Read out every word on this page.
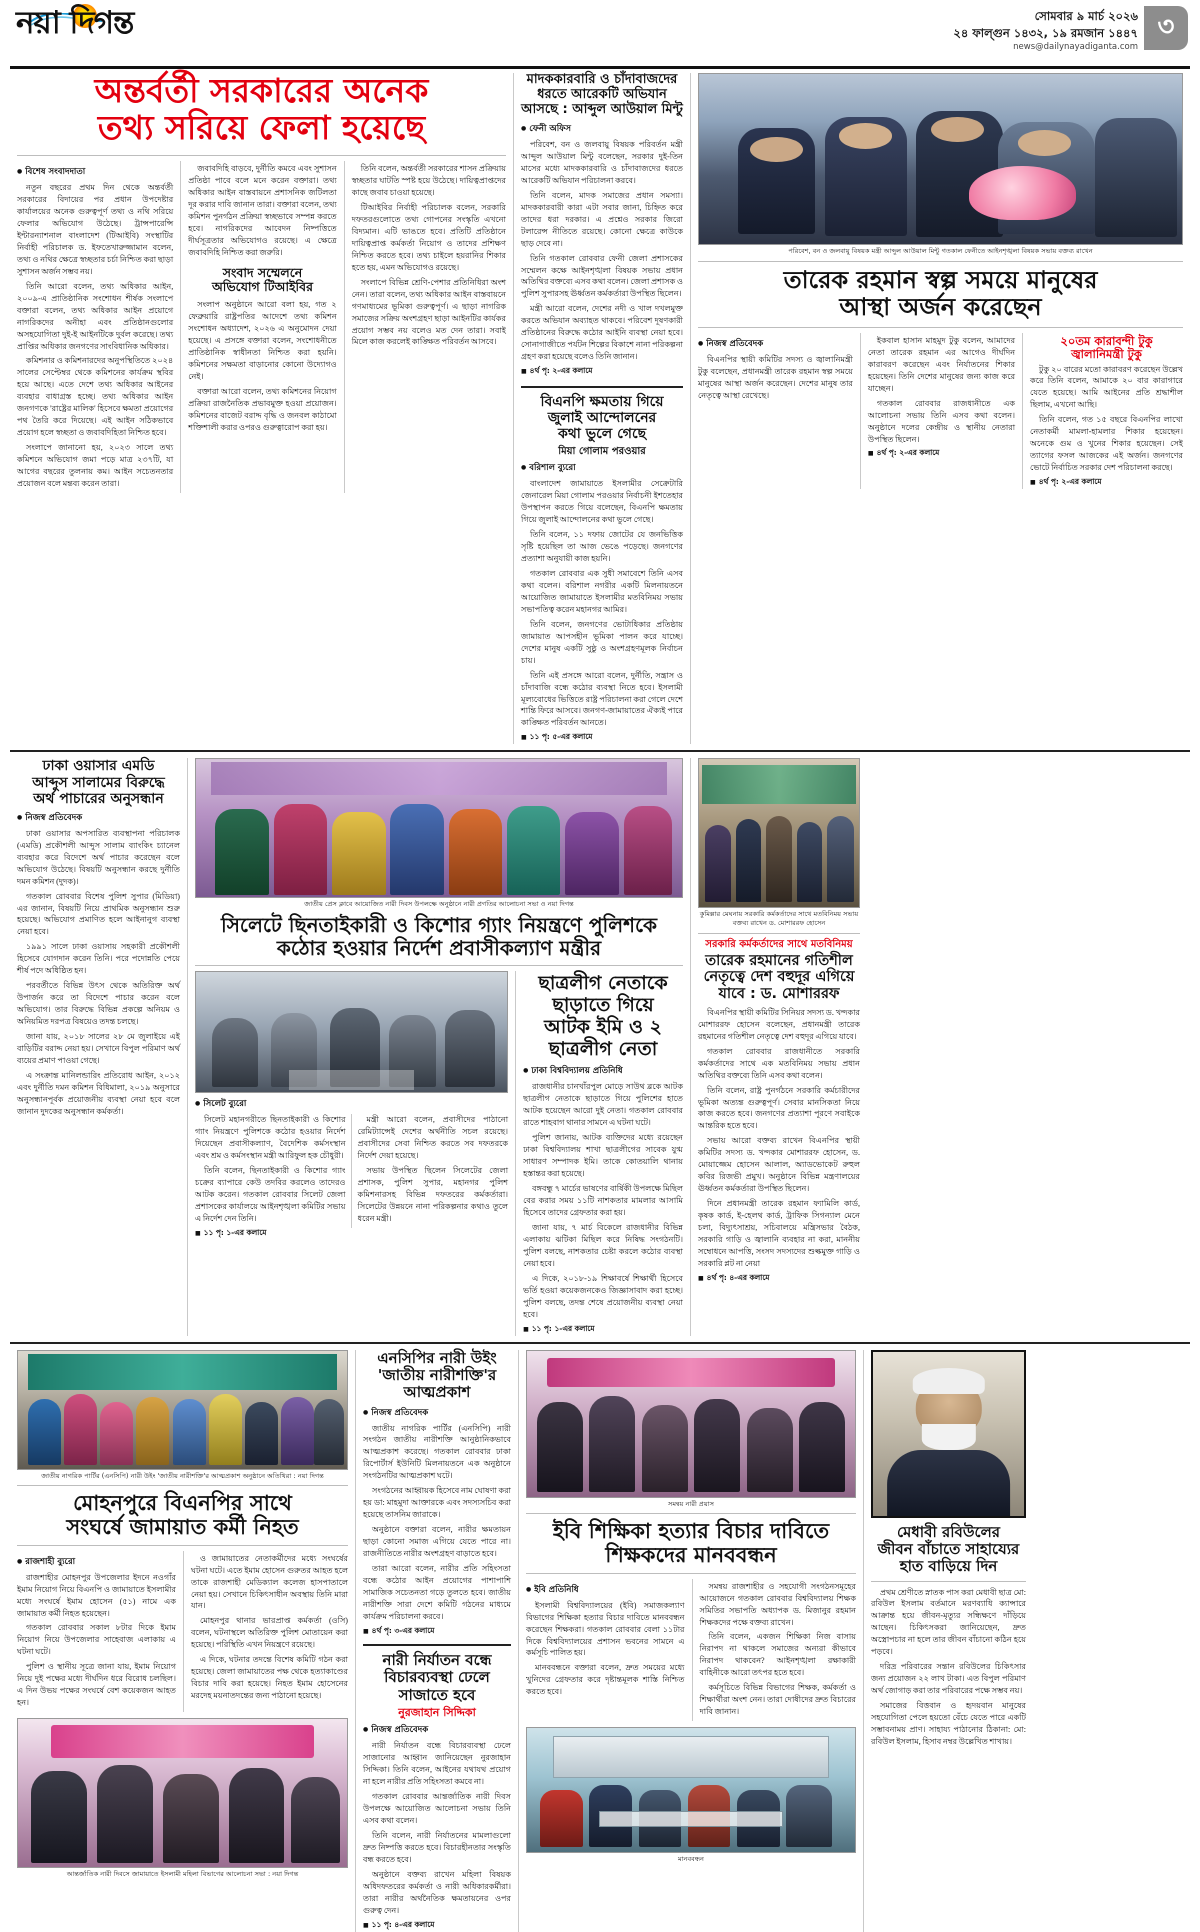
নয়া দিগন্ত	সোমবার ৯ মার্চ ২০২৬
২৪ ফাল্গুন ১৪৩২, ১৯ রমজান ১৪৪৭
news@dailynayadiganta.com
৩
অন্তর্বর্তী সরকারের অনেক
তথ্য সরিয়ে ফেলা হয়েছে
● বিশেষ সংবাদদাতা

নতুন বছরের প্রথম দিন থেকে অন্তর্বর্তী সরকারের বিদায়ের পর প্রধান উপদেষ্টার কার্যালয়ের অনেক গুরুত্বপূর্ণ তথ্য ও নথি সরিয়ে ফেলার অভিযোগ উঠেছে। ট্রান্সপারেন্সি ইন্টারন্যাশনাল বাংলাদেশ (টিআইবি) সংস্থাটির নির্বাহী পরিচালক ড. ইফতেখারুজ্জামান বলেন, তথ্য ও নথির ক্ষেত্রে স্বচ্ছতার চর্চা নিশ্চিত করা ছাড়া সুশাসন অর্জন সম্ভব নয়।

তিনি আরো বলেন, তথ্য অধিকার আইন, ২০০৯-এ প্রাতিষ্ঠানিক সংশোধন শীর্ষক সংলাপে বক্তারা বলেন, তথ্য অধিকার আইন প্রয়োগে নাগরিকদের অনীহা এবং প্রতিষ্ঠানগুলোর অসহযোগিতা দুই-ই আইনটিকে দুর্বল করেছে। তথ্য প্রাপ্তির অধিকার জনগণের সাংবিধানিক অধিকার।

কমিশনার ও কমিশনারদের অনুপস্থিতিতে ২০২৪ সালের সেপ্টেম্বর থেকে কমিশনের কার্যক্রম স্থবির হয়ে আছে। এতে দেশে তথ্য অধিকার আইনের ব্যবহার বাধাগ্রস্ত হচ্ছে। তথ্য অধিকার আইন জনগণকে 'রাষ্ট্রের মালিক' হিসেবে ক্ষমতা প্রয়োগের পথ তৈরি করে দিয়েছে। এই আইন সঠিকভাবে প্রয়োগ হলে স্বচ্ছতা ও জবাবদিহিতা নিশ্চিত হবে।

সংলাপে জানানো হয়, ২০২৩ সালে তথ্য কমিশনে অভিযোগ জমা পড়ে মাত্র ২৩৭টি, যা আগের বছরের তুলনায় কম। আইন সচেতনতার প্রয়োজন বলে মন্তব্য করেন তারা।

জবাবদিহি বাড়বে, দুর্নীতি কমবে এবং সুশাসন প্রতিষ্ঠা পাবে বলে মনে করেন বক্তারা। তথ্য অধিকার আইন বাস্তবায়নে প্রশাসনিক জটিলতা দূর করার দাবি জানান তারা। বক্তারা বলেন, তথ্য কমিশন পুনর্গঠন প্রক্রিয়া স্বচ্ছভাবে সম্পন্ন করতে হবে। নাগরিকদের আবেদন নিষ্পত্তিতে দীর্ঘসূত্রতার অভিযোগও রয়েছে। এ ক্ষেত্রে জবাবদিহি নিশ্চিত করা জরুরি।

সংবাদ সম্মেলনে
অভিযোগ টিআইবির

সংলাপ অনুষ্ঠানে আরো বলা হয়, গত ২ ফেব্রুয়ারি রাষ্ট্রপতির আদেশে তথ্য কমিশন সংশোধন অধ্যাদেশ, ২০২৬ এ অনুমোদন দেয়া হয়েছে। এ প্রসঙ্গে বক্তারা বলেন, সংশোধনীতে প্রাতিষ্ঠানিক স্বাধীনতা নিশ্চিত করা হয়নি। কমিশনের সক্ষমতা বাড়ানোর কোনো উদ্যোগও নেই।

বক্তারা আরো বলেন, তথ্য কমিশনের নিয়োগ প্রক্রিয়া রাজনৈতিক প্রভাবমুক্ত হওয়া প্রয়োজন। কমিশনের বাজেট বরাদ্দ বৃদ্ধি ও জনবল কাঠামো শক্তিশালী করার ওপরও গুরুত্বারোপ করা হয়।

তিনি বলেন, অন্তর্বর্তী সরকারের শাসন প্রক্রিয়ায় স্বচ্ছতার ঘাটতি স্পষ্ট হয়ে উঠেছে। দায়িত্বপ্রাপ্তদের কাছে জবাব চাওয়া হয়েছে।

টিআইবির নির্বাহী পরিচালক বলেন, সরকারি দফতরগুলোতে তথ্য গোপনের সংস্কৃতি এখনো বিদ্যমান। এটি ভাঙতে হবে। প্রতিটি প্রতিষ্ঠানে দায়িত্বপ্রাপ্ত কর্মকর্তা নিয়োগ ও তাদের প্রশিক্ষণ নিশ্চিত করতে হবে। তথ্য চাইলে হয়রানির শিকার হতে হয়, এমন অভিযোগও রয়েছে।

সংলাপে বিভিন্ন শ্রেণি-পেশার প্রতিনিধিরা অংশ নেন। তারা বলেন, তথ্য অধিকার আইন বাস্তবায়নে গণমাধ্যমের ভূমিকা গুরুত্বপূর্ণ। এ ছাড়া নাগরিক সমাজের সক্রিয় অংশগ্রহণ ছাড়া আইনটির কার্যকর প্রয়োগ সম্ভব নয় বলেও মত দেন তারা। সবাই মিলে কাজ করলেই কাঙ্ক্ষিত পরিবর্তন আসবে।

মাদককারবারি ও চাঁদাবাজদের
ধরতে আরেকটি অভিযান
আসছে : আব্দুল আউয়াল মিন্টু
● ফেনী অফিস

পরিবেশ, বন ও জলবায়ু বিষয়ক পরিবর্তন মন্ত্রী আব্দুল আউয়াল মিন্টু বলেছেন, সরকার দুই-তিন মাসের মধ্যে মাদককারবারি ও চাঁদাবাজদের ধরতে আরেকটি অভিযান পরিচালনা করবে।

তিনি বলেন, মাদক সমাজের প্রধান সমস্যা। মাদককারবারী কারা এটা সবার জানা, চিহ্নিত করে তাদের ধরা দরকার। এ প্রশ্নেও সরকার জিরো টলারেন্স নীতিতে রয়েছে। কোনো ক্ষেত্রে কাউকে ছাড় দেবে না।

তিনি গতকাল রোববার ফেনী জেলা প্রশাসকের সম্মেলন কক্ষে আইনশৃঙ্খলা বিষয়ক সভায় প্রধান অতিথির বক্তব্যে এসব কথা বলেন। জেলা প্রশাসক ও পুলিশ সুপারসহ ঊর্ধ্বতন কর্মকর্তারা উপস্থিত ছিলেন।

মন্ত্রী আরো বলেন, দেশের নদী ও খাল দখলমুক্ত করতে অভিযান অব্যাহত থাকবে। পরিবেশ দূষণকারী প্রতিষ্ঠানের বিরুদ্ধে কঠোর আইনি ব্যবস্থা নেয়া হবে। সোনাগাজীতে পর্যটন শিল্পের বিকাশে নানা পরিকল্পনা গ্রহণ করা হয়েছে বলেও তিনি জানান।

■ ৪র্থ পৃ: ২-এর কলামে
বিএনপি ক্ষমতায় গিয়ে
জুলাই আন্দোলনের
কথা ভুলে গেছে
মিয়া গোলাম পরওয়ার
● বরিশাল ব্যুরো

বাংলাদেশ জামায়াতে ইসলামীর সেক্রেটারি জেনারেল মিয়া গোলাম পরওয়ার নির্বাচনী ইশতেহার উপস্থাপন করতে গিয়ে বলেছেন, বিএনপি ক্ষমতায় গিয়ে জুলাই আন্দোলনের কথা ভুলে গেছে।

তিনি বলেন, ১১ দফায় জোটের যে জনভিত্তিক সৃষ্টি হয়েছিল তা আজ ভেঙে পড়েছে। জনগণের প্রত্যাশা অনুযায়ী কাজ হয়নি।

গতকাল রোববার এক সুধী সমাবেশে তিনি এসব কথা বলেন। বরিশাল নগরীর একটি মিলনায়তনে আয়োজিত জামায়াতে ইসলামীর মতবিনিময় সভায় সভাপতিত্ব করেন মহানগর আমির।

তিনি বলেন, জনগণের ভোটাধিকার প্রতিষ্ঠায় জামায়াত আপসহীন ভূমিকা পালন করে যাচ্ছে। দেশের মানুষ একটি সুষ্ঠু ও অংশগ্রহণমূলক নির্বাচন চায়।

তিনি এই প্রসঙ্গে আরো বলেন, দুর্নীতি, সন্ত্রাস ও চাঁদাবাজি বন্ধে কঠোর ব্যবস্থা নিতে হবে। ইসলামী মূল্যবোধের ভিত্তিতে রাষ্ট্র পরিচালনা করা গেলে দেশে শান্তি ফিরে আসবে। জনগণ-জামায়াতের ঐক্যই পারে কাঙ্ক্ষিত পরিবর্তন আনতে।

■ ১১ পৃ: ৫-এর কলামে
পরিবেশ, বন ও জলবায়ু বিষয়ক মন্ত্রী আব্দুল আউয়াল মিন্টু গতকাল ফেনীতে আইনশৃঙ্খলা বিষয়ক সভায় বক্তব্য রাখেন
তারেক রহমান স্বল্প সময়ে মানুষের
আস্থা অর্জন করেছেন
● নিজস্ব প্রতিবেদক

বিএনপির স্থায়ী কমিটির সদস্য ও জ্বালানিমন্ত্রী টুকু বলেছেন, প্রধানমন্ত্রী তারেক রহমান স্বল্প সময়ে মানুষের আস্থা অর্জন করেছেন। দেশের মানুষ তার নেতৃত্বে আস্থা রেখেছে।

ইকবাল হাসান মাহমুদ টুকু বলেন, আমাদের নেতা তারেক রহমান এর আগেও দীর্ঘদিন কারাবরণ করেছেন এবং নির্যাতনের শিকার হয়েছেন। তিনি দেশের মানুষের জন্য কাজ করে যাচ্ছেন।

গতকাল রোববার রাজধানীতে এক আলোচনা সভায় তিনি এসব কথা বলেন। অনুষ্ঠানে দলের কেন্দ্রীয় ও স্থানীয় নেতারা উপস্থিত ছিলেন।

■ ৪র্থ পৃ: ২-এর কলামে
২০তম কারাবন্দী টুকু
জ্বালানিমন্ত্রী টুকু

টুকু ২০ বারের মতো কারাবরণ করেছেন উল্লেখ করে তিনি বলেন, আমাকে ২০ বার কারাগারে যেতে হয়েছে। আমি আইনের প্রতি শ্রদ্ধাশীল ছিলাম, এখনো আছি।

তিনি বলেন, গত ১৫ বছরে বিএনপির লাখো নেতাকর্মী মামলা-হামলার শিকার হয়েছেন। অনেকে গুম ও খুনের শিকার হয়েছেন। সেই ত্যাগের ফসল আজকের এই অর্জন। জনগণের ভোটে নির্বাচিত সরকার দেশ পরিচালনা করছে।

■ ৪র্থ পৃ: ২-এর কলামে
ঢাকা ওয়াসার এমডি
আব্দুস সালামের বিরুদ্ধে
অর্থ পাচারের অনুসন্ধান
● নিজস্ব প্রতিবেদক

ঢাকা ওয়াসার অপসারিত ব্যবস্থাপনা পরিচালক (এমডি) প্রকৌশলী আব্দুস সালাম ব্যাংকিং চ্যানেল ব্যবহার করে বিদেশে অর্থ পাচার করেছেন বলে অভিযোগ উঠেছে। বিষয়টি অনুসন্ধান করছে দুর্নীতি দমন কমিশন (দুদক)।

গতকাল রোববার বিশেষ পুলিশ সুপার (মিডিয়া) এর জানান, বিষয়টি নিয়ে প্রাথমিক অনুসন্ধান শুরু হয়েছে। অভিযোগ প্রমাণিত হলে আইনানুগ ব্যবস্থা নেয়া হবে।

১৯৯১ সালে ঢাকা ওয়াসায় সহকারী প্রকৌশলী হিসেবে যোগদান করেন তিনি। পরে পদোন্নতি পেয়ে শীর্ষ পদে অধিষ্ঠিত হন।

পরবর্তীতে বিভিন্ন উৎস থেকে অতিরিক্ত অর্থ উপার্জন করে তা বিদেশে পাচার করেন বলে অভিযোগ। তার বিরুদ্ধে বিভিন্ন প্রকল্পে অনিয়ম ও অনিয়মিত দরপত্র বিষয়েও তদন্ত চলছে।

জানা যায়, ২০১৮ সালের ২৮ মে জুলাইয়ে এই বাড়িটির বরাদ্দ নেয়া হয়। সেখানে বিপুল পরিমাণ অর্থ ব্যয়ের প্রমাণ পাওয়া গেছে।

এ সংক্রান্ত মানিলন্ডারিং প্রতিরোধ আইন, ২০১২ এবং দুর্নীতি দমন কমিশন বিধিমালা, ২০১৯ অনুসারে অনুসন্ধানপূর্বক প্রয়োজনীয় ব্যবস্থা নেয়া হবে বলে জানান দুদকের অনুসন্ধান কর্মকর্তা।

জাতীয় প্রেস ক্লাবে আয়োজিত নারী দিবস উপলক্ষে অনুষ্ঠানে নারী প্রগতির আলোচনা সভা ও নয়া দিগন্ত
সিলেটে ছিনতাইকারী ও কিশোর গ্যাং নিয়ন্ত্রণে পুলিশকে
কঠোর হওয়ার নির্দেশ প্রবাসীকল্যাণ মন্ত্রীর
● সিলেট ব্যুরো

সিলেট মহানগরীতে ছিনতাইকারী ও কিশোর গ্যাং নিয়ন্ত্রণে পুলিশকে কঠোর হওয়ার নির্দেশ দিয়েছেন প্রবাসীকল্যাণ, বৈদেশিক কর্মসংস্থান এবং শ্রম ও কর্মসংস্থান মন্ত্রী আরিফুল হক চৌধুরী।

তিনি বলেন, ছিনতাইকারী ও কিশোর গ্যাং চক্রের ব্যাপারে কেউ তদবির করলেও তাদেরও আটক করেন। গতকাল রোববার সিলেট জেলা প্রশাসকের কার্যালয়ে আইনশৃঙ্খলা কমিটির সভায় এ নির্দেশ দেন তিনি।

মন্ত্রী আরো বলেন, প্রবাসীদের পাঠানো রেমিট্যান্সেই দেশের অর্থনীতি সচল রয়েছে। প্রবাসীদের সেবা নিশ্চিত করতে সব দফতরকে নির্দেশ দেয়া হয়েছে।

সভায় উপস্থিত ছিলেন সিলেটের জেলা প্রশাসক, পুলিশ সুপার, মহানগর পুলিশ কমিশনারসহ বিভিন্ন দফতরের কর্মকর্তারা। সিলেটের উন্নয়নে নানা পরিকল্পনার কথাও তুলে ধরেন মন্ত্রী।

■ ১১ পৃ: ১-এর কলামে
ছাত্রলীগ নেতাকে ছাড়াতে গিয়ে
আটক ইমি ও ২ ছাত্রলীগ নেতা
● ঢাকা বিশ্ববিদ্যালয় প্রতিনিধি

রাজধানীর চানখাঁরপুল মোড়ে সাউথ ব্লকে আটক ছাত্রলীগ নেতাকে ছাড়াতে গিয়ে পুলিশের হাতে আটক হয়েছেন আরো দুই নেতা। গতকাল রোববার রাতে শাহবাগ থানার সামনে এ ঘটনা ঘটে।

পুলিশ জানায়, আটক ব্যক্তিদের মধ্যে রয়েছেন ঢাকা বিশ্ববিদ্যালয় শাখা ছাত্রলীগের সাবেক যুগ্ম সাধারণ সম্পাদক ইমি। তাকে কোতয়ালি থানায় হস্তান্তর করা হয়েছে।

বঙ্গবন্ধু ৭ মার্চের ভাষণের বার্ষিকী উপলক্ষে মিছিল বের করার সময় ১১টি নাশকতার মামলার আসামি হিসেবে তাদের গ্রেফতার করা হয়।

জানা যায়, ৭ মার্চ বিকেলে রাজধানীর বিভিন্ন এলাকায় ঝটিকা মিছিল করে নিষিদ্ধ সংগঠনটি। পুলিশ বলছে, নাশকতার চেষ্টা করলে কঠোর ব্যবস্থা নেয়া হবে।

এ দিকে, ২০১৮-১৯ শিক্ষাবর্ষে শিক্ষার্থী হিসেবে ভর্তি হওয়া কয়েকজনকেও জিজ্ঞাসাবাদ করা হচ্ছে। পুলিশ বলছে, তদন্ত শেষে প্রয়োজনীয় ব্যবস্থা নেয়া হবে।

■ ১১ পৃ: ১-এর কলামে
কুমিল্লার মেঘনায় সরকারি কর্মকর্তাদের সাথে মতবিনিময় সভায় বক্তব্য রাখেন ড. মোশাররফ হোসেন
সরকারি কর্মকর্তাদের সাথে মতবিনিময়
তারেক রহমানের গতিশীল
নেতৃত্বে দেশ বহুদূর এগিয়ে
যাবে : ড. মোশাররফ

বিএনপির স্থায়ী কমিটির সিনিয়র সদস্য ড. খন্দকার মোশাররফ হোসেন বলেছেন, প্রধানমন্ত্রী তারেক রহমানের গতিশীল নেতৃত্বে দেশ বহুদূর এগিয়ে যাবে।

গতকাল রোববার রাজধানীতে সরকারি কর্মকর্তাদের সাথে এক মতবিনিময় সভায় প্রধান অতিথির বক্তব্যে তিনি এসব কথা বলেন।

তিনি বলেন, রাষ্ট্র পুনর্গঠনে সরকারি কর্মচারীদের ভূমিকা অত্যন্ত গুরুত্বপূর্ণ। সেবার মানসিকতা নিয়ে কাজ করতে হবে। জনগণের প্রত্যাশা পূরণে সবাইকে আন্তরিক হতে হবে।

সভায় আরো বক্তব্য রাখেন বিএনপির স্থায়ী কমিটির সদস্য ড. খন্দকার মোশাররফ হোসেন, ড. মোয়াজ্জেম হোসেন আলাল, অ্যাডভোকেট রুহুল কবির রিজভী প্রমুখ। অনুষ্ঠানে বিভিন্ন মন্ত্রণালয়ের ঊর্ধ্বতন কর্মকর্তারা উপস্থিত ছিলেন।

দিনে প্রধানমন্ত্রী তারেক রহমান ফ্যামিলি কার্ড, কৃষক কার্ড, ই-হেলথ কার্ড, ট্রাফিক সিগন্যাল মেনে চলা, বিদ্যুৎসাশ্রয়, সচিবালয়ে মন্ত্রিসভার বৈঠক, সরকারি গাড়ি ও জ্বালানি ব্যবহার না করা, মাননীয় সম্বোধনে আপত্তি, সংসদ সদস্যদের শুল্কমুক্ত গাড়ি ও সরকারি প্লট না নেয়া

■ ৪র্থ পৃ: ৪-এর কলামে
জাতীয় নাগরিক পার্টির (এনসিপি) নারী উইং 'জাতীয় নারীশক্তি'র আত্মপ্রকাশ অনুষ্ঠানে অতিথিরা : নয়া দিগন্ত
মোহনপুরে বিএনপির সাথে
সংঘর্ষে জামায়াত কর্মী নিহত
● রাজশাহী ব্যুরো

রাজশাহীর মোহনপুর উপজেলার ইদনে নওগাঁর ইমাম নিয়োগ নিয়ে বিএনপি ও জামায়াতে ইসলামীর মধ্যে সংঘর্ষে ইমাম হোসেন (৫১) নামে এক জামায়াত কর্মী নিহত হয়েছেন।

গতকাল রোববার সকাল ৮টার দিকে ইমাম নিয়োগ নিয়ে উপজেলার সাহেবাজ এলাকায় এ ঘটনা ঘটে।

পুলিশ ও স্থানীয় সূত্রে জানা যায়, ইমাম নিয়োগ নিয়ে দুই পক্ষের মধ্যে দীর্ঘদিন ধরে বিরোধ চলছিল। এ দিন উভয় পক্ষের সংঘর্ষে বেশ কয়েকজন আহত হন।

ও জামায়াতের নেতাকর্মীদের মধ্যে সংঘর্ষের ঘটনা ঘটে। এতে ইমাম হোসেন গুরুতর আহত হলে তাকে রাজশাহী মেডিক্যাল কলেজ হাসপাতালে নেয়া হয়। সেখানে চিকিৎসাধীন অবস্থায় তিনি মারা যান।

মোহনপুর থানার ভারপ্রাপ্ত কর্মকর্তা (ওসি) বলেন, ঘটনাস্থলে অতিরিক্ত পুলিশ মোতায়েন করা হয়েছে। পরিস্থিতি এখন নিয়ন্ত্রণে রয়েছে।

এ দিকে, ঘটনার তদন্তে বিশেষ কমিটি গঠন করা হয়েছে। জেলা জামায়াতের পক্ষ থেকে হত্যাকাণ্ডের বিচার দাবি করা হয়েছে। নিহত ইমাম হোসেনের মরদেহ ময়নাতদন্তের জন্য পাঠানো হয়েছে।

আন্তর্জাতিক নারী দিবসে জামায়াতে ইসলামী মহিলা বিভাগের আলোচনা সভা : নয়া দিগন্ত
এনসিপির নারী উইং
'জাতীয় নারীশক্তি'র
আত্মপ্রকাশ
● নিজস্ব প্রতিবেদক

জাতীয় নাগরিক পার্টির (এনসিপি) নারী সংগঠন জাতীয় নারীশক্তি আনুষ্ঠানিকভাবে আত্মপ্রকাশ করেছে। গতকাল রোববার ঢাকা রিপোর্টার্স ইউনিটি মিলনায়তনে এক অনুষ্ঠানে সংগঠনটির আত্মপ্রকাশ ঘটে।

সংগঠনের আহ্বায়ক হিসেবে নাম ঘোষণা করা হয় ডা: মাহমুদা আক্তারকে এবং সদস্যসচিব করা হয়েছে তাসনিম জারাকে।

অনুষ্ঠানে বক্তারা বলেন, নারীর ক্ষমতায়ন ছাড়া কোনো সমাজ এগিয়ে যেতে পারে না। রাজনীতিতে নারীর অংশগ্রহণ বাড়াতে হবে।

তারা আরো বলেন, নারীর প্রতি সহিংসতা বন্ধে কঠোর আইন প্রয়োগের পাশাপাশি সামাজিক সচেতনতা গড়ে তুলতে হবে। জাতীয় নারীশক্তি সারা দেশে কমিটি গঠনের মাধ্যমে কার্যক্রম পরিচালনা করবে।

■ ৪র্থ পৃ: ৩-এর কলামে
নারী নির্যাতন বন্ধে
বিচারব্যবস্থা ঢেলে
সাজাতে হবে
নুরজাহান সিদ্দিকা
● নিজস্ব প্রতিবেদক

নারী নির্যাতন বন্ধে বিচারব্যবস্থা ঢেলে সাজানোর আহ্বান জানিয়েছেন নুরজাহান সিদ্দিকা। তিনি বলেন, আইনের যথাযথ প্রয়োগ না হলে নারীর প্রতি সহিংসতা কমবে না।

গতকাল রোববার আন্তর্জাতিক নারী দিবস উপলক্ষে আয়োজিত আলোচনা সভায় তিনি এসব কথা বলেন।

তিনি বলেন, নারী নির্যাতনের মামলাগুলো দ্রুত নিষ্পত্তি করতে হবে। বিচারহীনতার সংস্কৃতি বন্ধ করতে হবে।

অনুষ্ঠানে বক্তব্য রাখেন মহিলা বিষয়ক অধিদফতরের কর্মকর্তা ও নারী অধিকারকর্মীরা। তারা নারীর অর্থনৈতিক ক্ষমতায়নের ওপর গুরুত্ব দেন।

■ ১১ পৃ: ৪-এর কলামে
সমন্বয় নারী প্রয়াস
ইবি শিক্ষিকা হত্যার বিচার দাবিতে
শিক্ষকদের মানববন্ধন
● ইবি প্রতিনিধি

ইসলামী বিশ্ববিদ্যালয়ের (ইবি) সমাজকল্যাণ বিভাগের শিক্ষিকা হত্যার বিচার দাবিতে মানববন্ধন করেছেন শিক্ষকরা। গতকাল রোববার বেলা ১১টার দিকে বিশ্ববিদ্যালয়ের প্রশাসন ভবনের সামনে এ কর্মসূচি পালিত হয়।

মানববন্ধনে বক্তারা বলেন, দ্রুত সময়ের মধ্যে খুনিদের গ্রেফতার করে দৃষ্টান্তমূলক শাস্তি নিশ্চিত করতে হবে।

সমন্বয় রাজশাহীর ও সহযোগী সংগঠনসমূহের আয়োজনে গতকাল রোববার বিশ্ববিদ্যালয় শিক্ষক সমিতির সভাপতি অধ্যাপক ড. মিজানুর রহমান শিক্ষকদের পক্ষে বক্তব্য রাখেন।

তিনি বলেন, একজন শিক্ষিকা নিজ বাসায় নিরাপদ না থাকলে সমাজের অন্যরা কীভাবে নিরাপদ থাকবেন? আইনশৃঙ্খলা রক্ষাকারী বাহিনীকে আরো তৎপর হতে হবে।

কর্মসূচিতে বিভিন্ন বিভাগের শিক্ষক, কর্মকর্তা ও শিক্ষার্থীরা অংশ নেন। তারা দোষীদের দ্রুত বিচারের দাবি জানান।

মানববন্ধন
মেধাবী রবিউলের
জীবন বাঁচাতে সাহায্যের
হাত বাড়িয়ে দিন

প্রথম শ্রেণীতে স্নাতক পাস করা মেধাবী ছাত্র মো: রবিউল ইসলাম বর্তমানে মরণব্যাধি ক্যান্সারে আক্রান্ত হয়ে জীবন-মৃত্যুর সন্ধিক্ষণে দাঁড়িয়ে আছেন। চিকিৎসকরা জানিয়েছেন, দ্রুত অস্ত্রোপচার না হলে তার জীবন বাঁচানো কঠিন হয়ে পড়বে।

দরিদ্র পরিবারের সন্তান রবিউলের চিকিৎসার জন্য প্রয়োজন ২২ লাখ টাকা। এত বিপুল পরিমাণ অর্থ জোগাড় করা তার পরিবারের পক্ষে সম্ভব নয়।

সমাজের বিত্তবান ও হৃদয়বান মানুষের সহযোগিতা পেলে হয়তো বেঁচে যেতে পারে একটি সম্ভাবনাময় প্রাণ। সাহায্য পাঠানোর ঠিকানা: মো: রবিউল ইসলাম, হিসাব নম্বর উল্লেখিত শাখায়।
